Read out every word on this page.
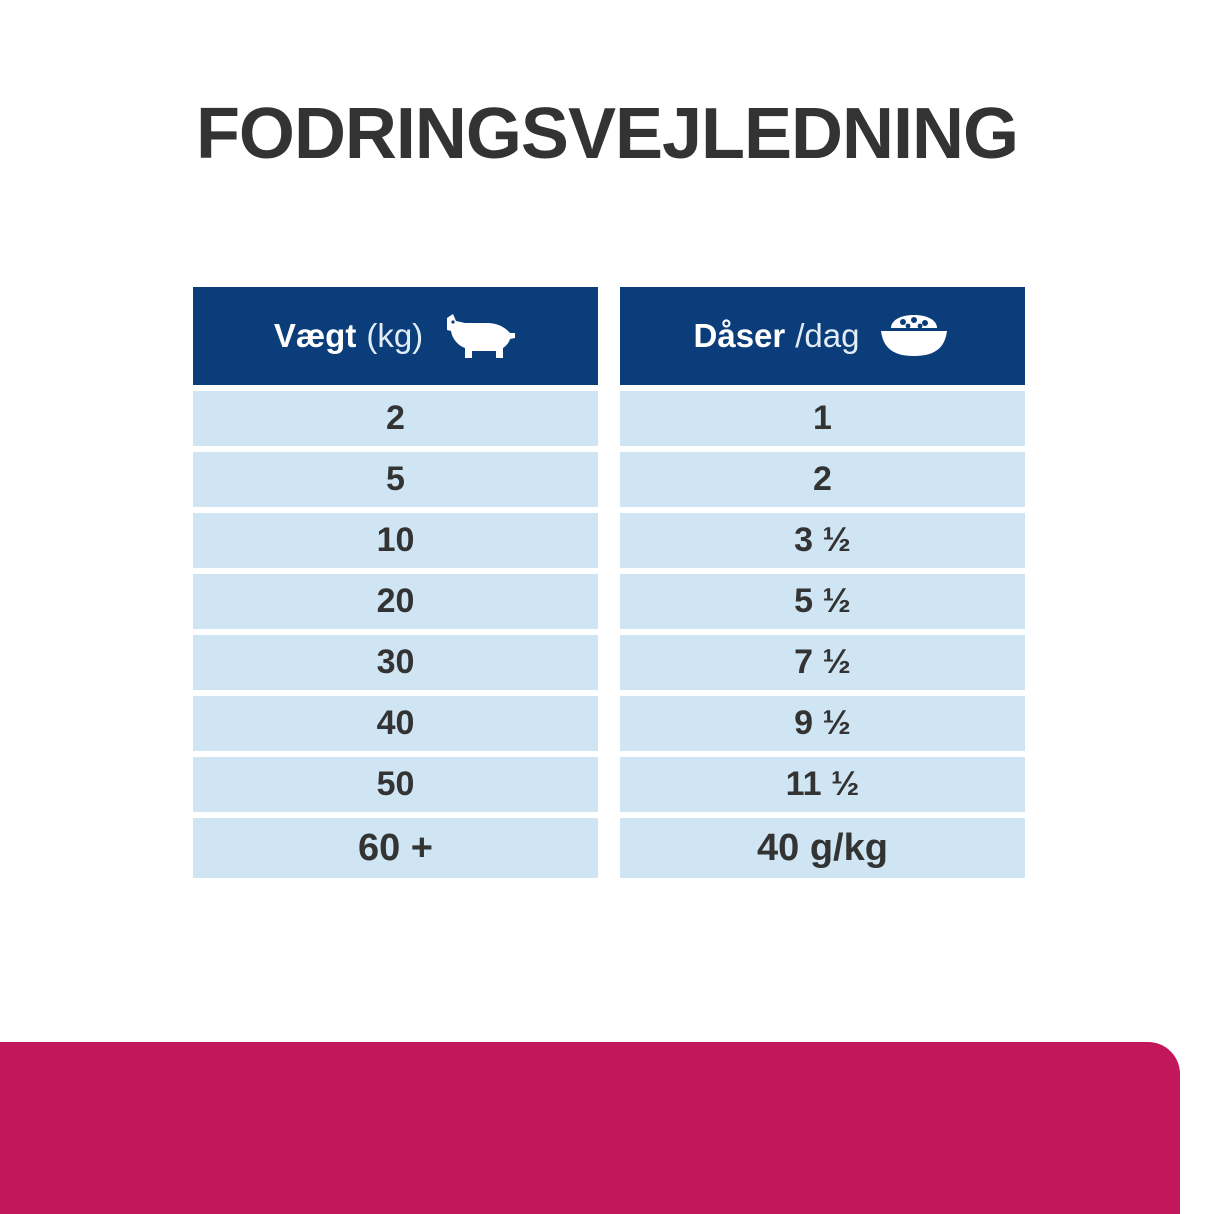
FODRINGSVEJLEDNING
Vægt (kg)	Dåser /dag
2	1
5	2
10	3 ½
20	5 ½
30	7 ½
40	9 ½
50	11 ½
60 +	40 g/kg
